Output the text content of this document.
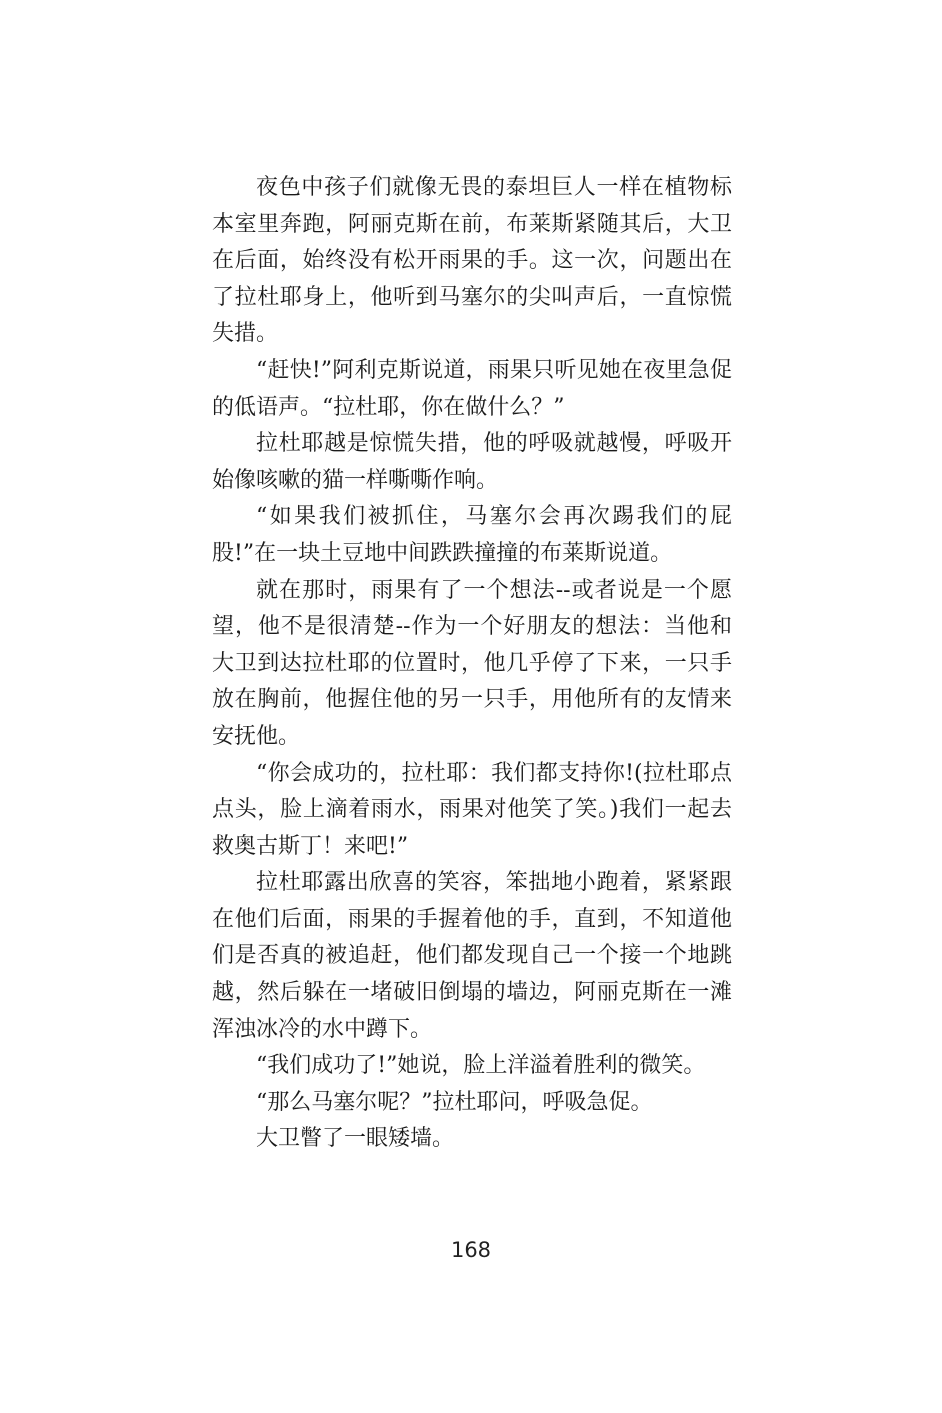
夜色中孩子们就像无畏的泰坦巨人一样在植物标本室里奔跑，阿丽克斯在前，布莱斯紧随其后，大卫在后面，始终没有松开雨果的手。这一次，问题出在了拉杜耶身上，他听到马塞尔的尖叫声后，一直惊慌失措。

“赶快!”阿利克斯说道，雨果只听见她在夜里急促的低语声。“拉杜耶，你在做什么？”

拉杜耶越是惊慌失措，他的呼吸就越慢，呼吸开始像咳嗽的猫一样嘶嘶作响。

“如果我们被抓住，马塞尔会再次踢我们的屁股!”在一块土豆地中间跌跌撞撞的布莱斯说道。

就在那时，雨果有了一个想法--或者说是一个愿望，他不是很清楚--作为一个好朋友的想法：当他和大卫到达拉杜耶的位置时，他几乎停了下来，一只手放在胸前，他握住他的另一只手，用他所有的友情来安抚他。

“你会成功的，拉杜耶：我们都支持你!(拉杜耶点点头，脸上滴着雨水，雨果对他笑了笑。)我们一起去救奥古斯丁！来吧!”

拉杜耶露出欣喜的笑容，笨拙地小跑着，紧紧跟在他们后面，雨果的手握着他的手，直到，不知道他们是否真的被追赶，他们都发现自己一个接一个地跳越，然后躲在一堵破旧倒塌的墙边，阿丽克斯在一滩浑浊冰冷的水中蹲下。

“我们成功了!”她说，脸上洋溢着胜利的微笑。

“那么马塞尔呢？”拉杜耶问，呼吸急促。

大卫瞥了一眼矮墙。

168
